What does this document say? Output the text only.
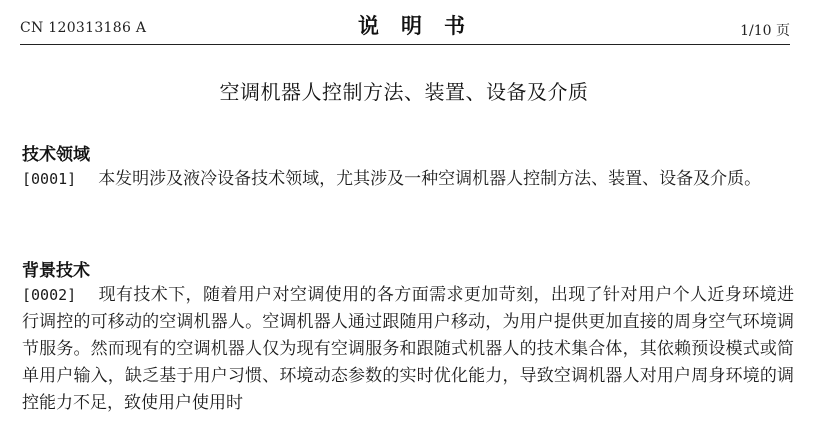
CN 120313186 A	说明书	1/10 页
空调机器人控制方法、装置、设备及介质
技术领域
[0001] 本发明涉及液冷设备技术领域，尤其涉及一种空调机器人控制方法、装置、设备及介质。
背景技术
[0002] 现有技术下，随着用户对空调使用的各方面需求更加苛刻，出现了针对用户个人近身环境进行调控的可移动的空调机器人。空调机器人通过跟随用户移动，为用户提供更加直接的周身空气环境调节服务。然而现有的空调机器人仅为现有空调服务和跟随式机器人的技术集合体，其依赖预设模式或简单用户输入，缺乏基于用户习惯、环境动态参数的实时优化能力，导致空调机器人对用户周身环境的调控能力不足，致使用户使用时
